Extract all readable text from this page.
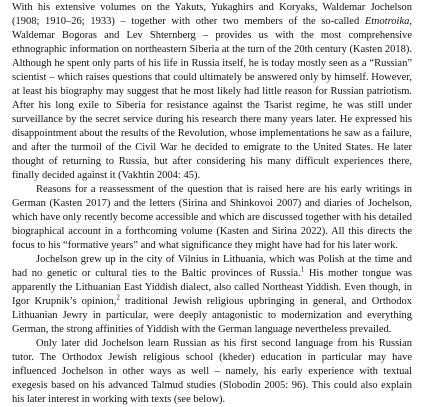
With his extensive volumes on the Yakuts, Yukaghirs and Koryaks, Waldemar Jochelson (1908; 1910–26; 1933) – together with other two members of the so-called Etnotroika, Waldemar Bogoras and Lev Shternberg – provides us with the most comprehensive ethnographic information on northeastern Siberia at the turn of the 20th century (Kasten 2018). Although he spent only parts of his life in Russia itself, he is today mostly seen as a “Russian” scientist – which raises questions that could ultimately be answered only by himself. However, at least his biography may suggest that he most likely had little reason for Russian patriotism. After his long exile to Siberia for resistance against the Tsarist regime, he was still under surveillance by the secret service during his research there many years later. He expressed his disappointment about the results of the Revolution, whose implementations he saw as a failure, and after the turmoil of the Civil War he decided to emigrate to the United States. He later thought of returning to Russia, but after considering his many difficult experiences there, finally decided against it (Vakhtin 2004: 45).

Reasons for a reassessment of the question that is raised here are his early writings in German (Kasten 2017) and the letters (Sirina and Shinkovoi 2007) and diaries of Jochelson, which have only recently become accessible and which are discussed together with his detailed biographical account in a forthcoming volume (Kasten and Sirina 2022). All this directs the focus to his “formative years” and what significance they might have had for his later work.

Jochelson grew up in the city of Vilnius in Lithuania, which was Polish at the time and had no genetic or cultural ties to the Baltic provinces of Russia.$^1$ His mother tongue was apparently the Lithuanian East Yiddish dialect, also called Northeast Yiddish. Even though, in Igor Krupnik’s opinion,$^2$ traditional Jewish religious upbringing in general, and Orthodox Lithuanian Jewry in particular, were deeply antagonistic to modernization and everything German, the strong affinities of Yiddish with the German language nevertheless prevailed.

Only later did Jochelson learn Russian as his first second language from his Russian tutor. The Orthodox Jewish religious school (kheder) education in particular may have influenced Jochelson in other ways as well – namely, his early experience with textual exegesis based on his advanced Talmud studies (Slobodin 2005: 96). This could also explain his later interest in working with texts (see below).
